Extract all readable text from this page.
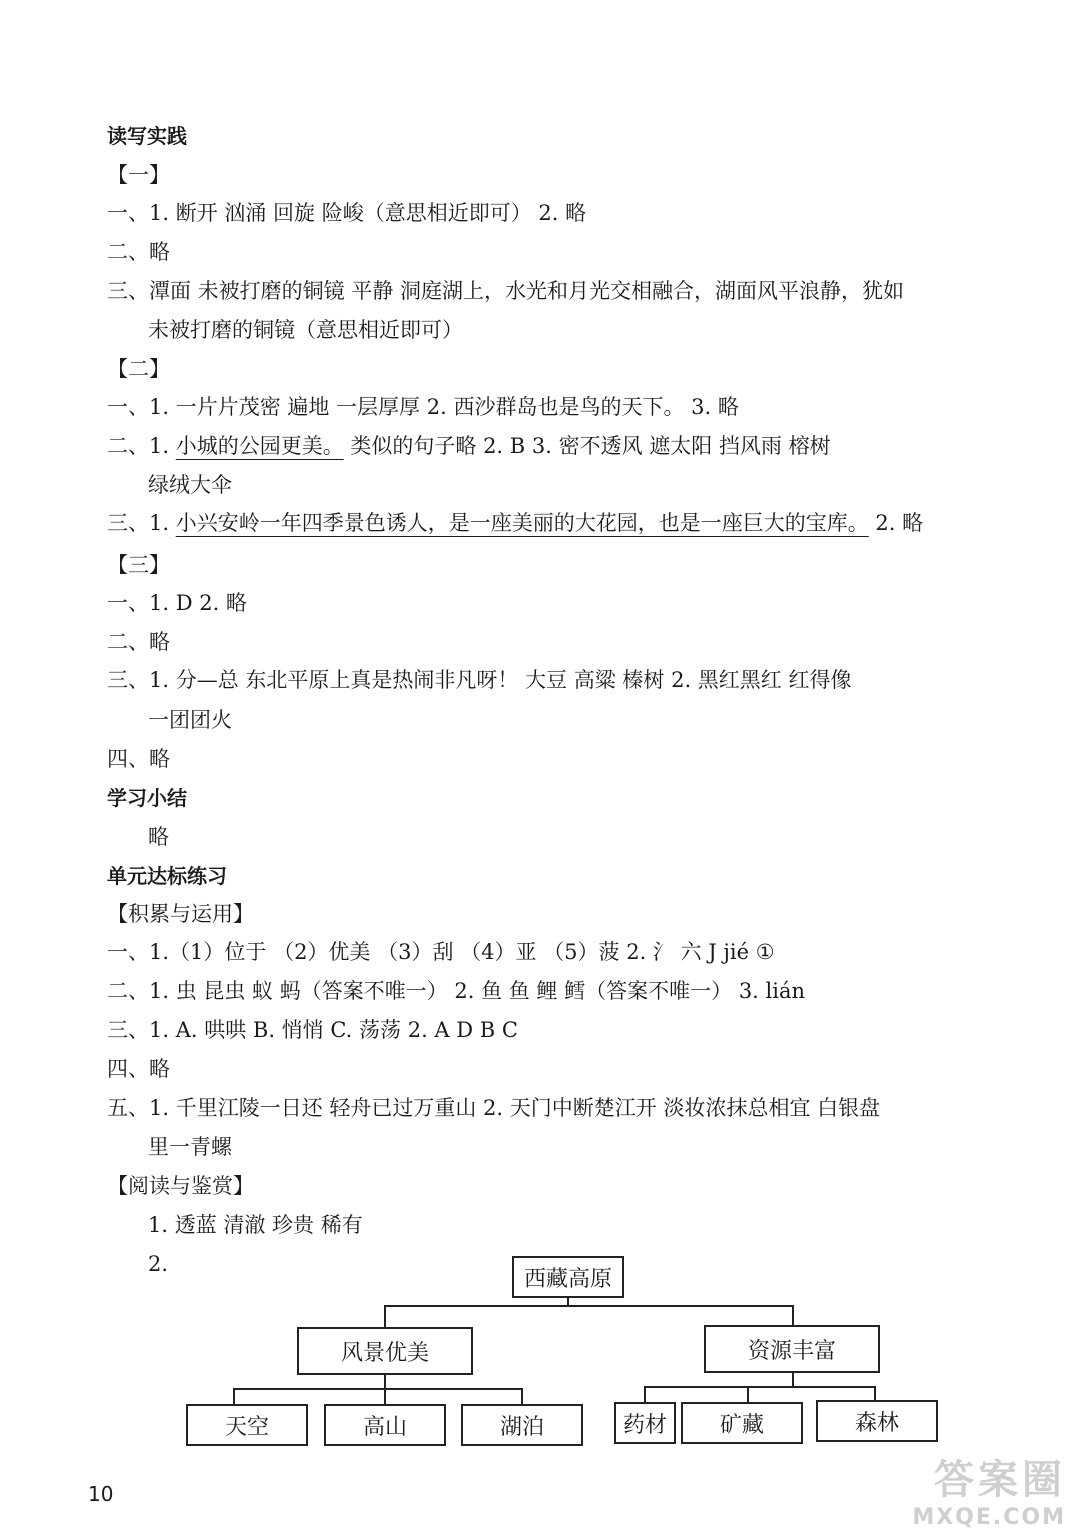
读写实践
【一】
一、1. 断开 汹涌 回旋 险峻（意思相近即可） 2. 略
二、略
三、潭面 未被打磨的铜镜 平静 洞庭湖上，水光和月光交相融合，湖面风平浪静，犹如
未被打磨的铜镜（意思相近即可）
【二】
一、1. 一片片茂密 遍地 一层厚厚 2. 西沙群岛也是鸟的天下。 3. 略
二、1. 小城的公园更美。 类似的句子略 2. B 3. 密不透风 遮太阳 挡风雨 榕树
绿绒大伞
三、1. 小兴安岭一年四季景色诱人，是一座美丽的大花园，也是一座巨大的宝库。 2. 略
【三】
一、1. D 2. 略
二、略
三、1. 分—总 东北平原上真是热闹非凡呀！ 大豆 高粱 榛树 2. 黑红黑红 红得像
一团团火
四、略
学习小结
略
单元达标练习
【积累与运用】
一、1.（1）位于 （2）优美 （3）刮 （4）亚 （5）菠 2. 氵 六 J jié ①
二、1. 虫 昆虫 蚁 蚂（答案不唯一） 2. 鱼 鱼 鲤 鳕（答案不唯一） 3. lián
三、1. A. 哄哄 B. 悄悄 C. 荡荡 2. A D B C
四、略
五、1. 千里江陵一日还 轻舟已过万重山 2. 天门中断楚江开 淡妆浓抹总相宜 白银盘
里一青螺
【阅读与鉴赏】
1. 透蓝 清澈 珍贵 稀有
2.
西藏高原
风景优美	资源丰富
天空	高山	湖泊	药材	矿藏	森林
10	答案圈
MXQE.COM
